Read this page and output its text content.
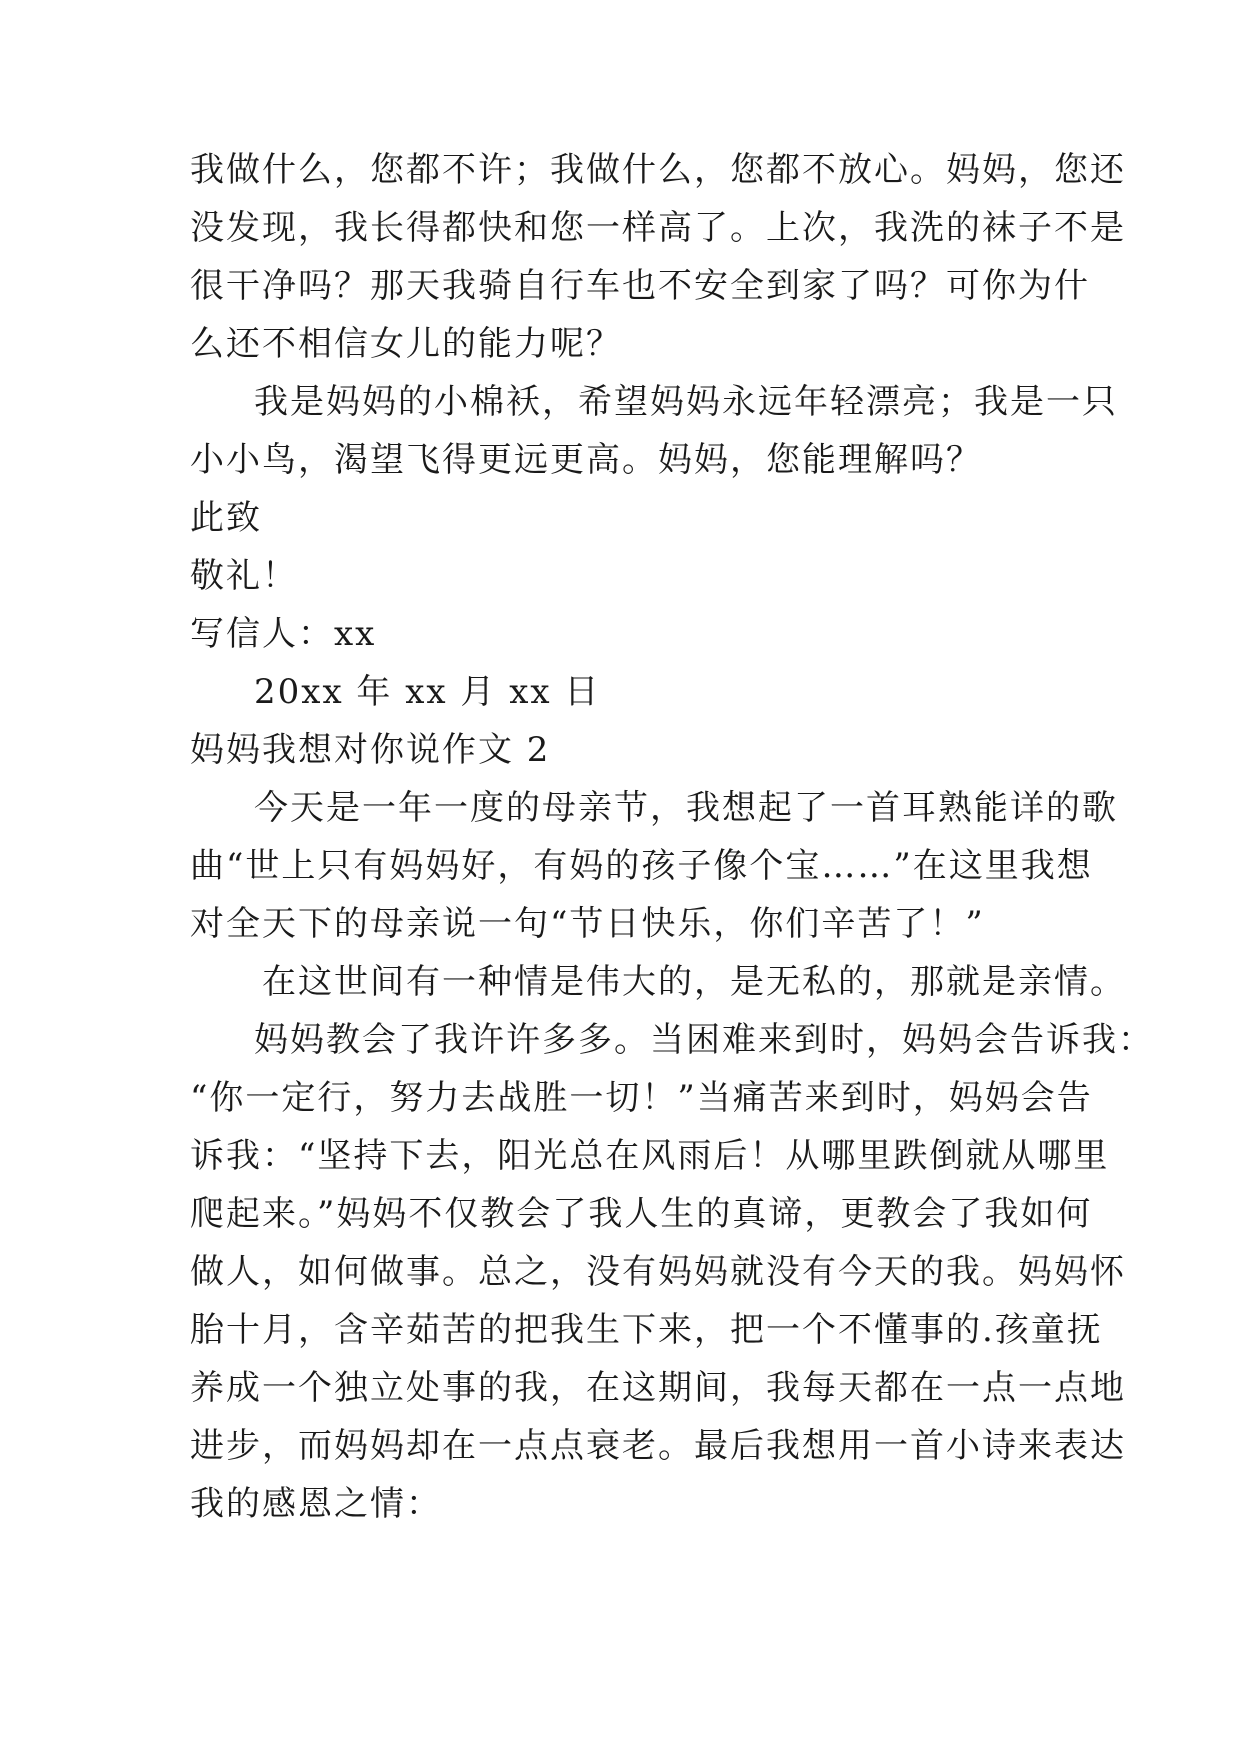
我做什么，您都不许；我做什么，您都不放心。妈妈，您还
没发现，我长得都快和您一样高了。上次，我洗的袜子不是
很干净吗？那天我骑自行车也不安全到家了吗？可你为什
么还不相信女儿的能力呢？
我是妈妈的小棉袄，希望妈妈永远年轻漂亮；我是一只
小小鸟，渴望飞得更远更高。妈妈，您能理解吗？
此致
敬礼！
写信人：xx
20xx 年 xx 月 xx 日
妈妈我想对你说作文 2
今天是一年一度的母亲节，我想起了一首耳熟能详的歌
曲“世上只有妈妈好，有妈的孩子像个宝……”在这里我想
对全天下的母亲说一句“节日快乐，你们辛苦了！”
在这世间有一种情是伟大的，是无私的，那就是亲情。
妈妈教会了我许许多多。当困难来到时，妈妈会告诉我：
“你一定行，努力去战胜一切！”当痛苦来到时，妈妈会告
诉我：“坚持下去，阳光总在风雨后！从哪里跌倒就从哪里
爬起来。”妈妈不仅教会了我人生的真谛，更教会了我如何
做人，如何做事。总之，没有妈妈就没有今天的我。妈妈怀
胎十月，含辛茹苦的把我生下来，把一个不懂事的.孩童抚
养成一个独立处事的我，在这期间，我每天都在一点一点地
进步，而妈妈却在一点点衰老。最后我想用一首小诗来表达
我的感恩之情：
